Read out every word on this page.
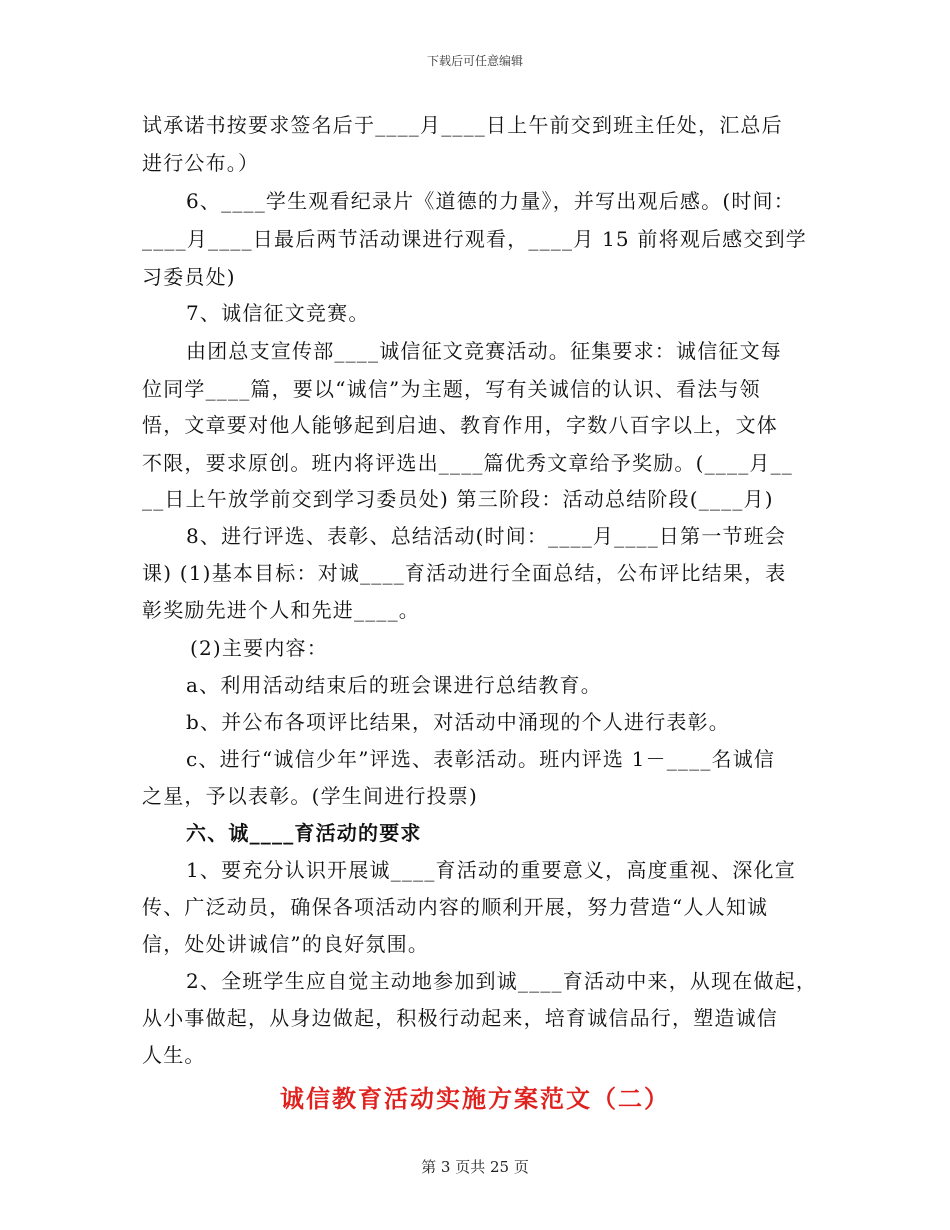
下载后可任意编辑
试承诺书按要求签名后于____月____日上午前交到班主任处，汇总后
进行公布。）
6、____学生观看纪录片《道德的力量》，并写出观后感。(时间：
____月____日最后两节活动课进行观看，____月 15 前将观后感交到学
习委员处)
7、诚信征文竞赛。
由团总支宣传部____诚信征文竞赛活动。征集要求：诚信征文每
位同学____篇，要以“诚信”为主题，写有关诚信的认识、看法与领
悟，文章要对他人能够起到启迪、教育作用，字数八百字以上，文体
不限，要求原创。班内将评选出____篇优秀文章给予奖励。(____月__
__日上午放学前交到学习委员处) 第三阶段：活动总结阶段(____月)
8、进行评选、表彰、总结活动(时间：____月____日第一节班会
课) (1)基本目标：对诚____育活动进行全面总结，公布评比结果，表
彰奖励先进个人和先进____。
(2)主要内容：
a、利用活动结束后的班会课进行总结教育。
b、并公布各项评比结果，对活动中涌现的个人进行表彰。
c、进行“诚信少年”评选、表彰活动。班内评选 1－____名诚信
之星，予以表彰。(学生间进行投票)
六、诚____育活动的要求
1、要充分认识开展诚____育活动的重要意义，高度重视、深化宣
传、广泛动员，确保各项活动内容的顺利开展，努力营造“人人知诚
信，处处讲诚信”的良好氛围。
2、全班学生应自觉主动地参加到诚____育活动中来，从现在做起，
从小事做起，从身边做起，积极行动起来，培育诚信品行，塑造诚信
人生。
诚信教育活动实施方案范文（二）
第 3 页共 25 页
